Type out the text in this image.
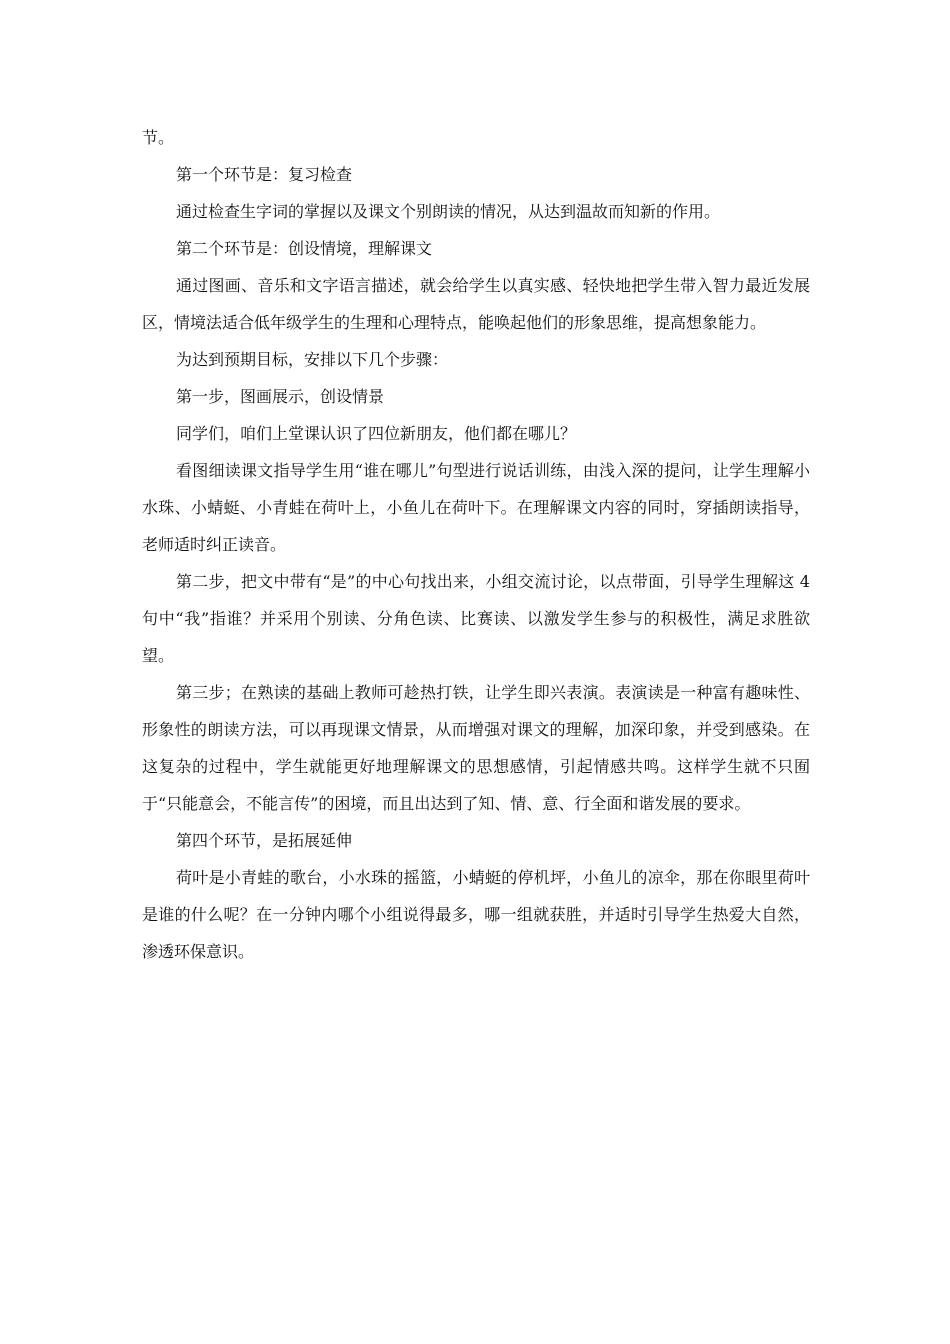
节。

第一个环节是：复习检查

通过检查生字词的掌握以及课文个别朗读的情况，从达到温故而知新的作用。

第二个环节是：创设情境，理解课文

通过图画、音乐和文字语言描述，就会给学生以真实感、轻快地把学生带入智力最近发展区，情境法适合低年级学生的生理和心理特点，能唤起他们的形象思维，提高想象能力。

为达到预期目标，安排以下几个步骤：

第一步，图画展示，创设情景

同学们，咱们上堂课认识了四位新朋友，他们都在哪儿？

看图细读课文指导学生用“谁在哪儿”句型进行说话训练，由浅入深的提问，让学生理解小水珠、小蜻蜓、小青蛙在荷叶上，小鱼儿在荷叶下。在理解课文内容的同时，穿插朗读指导，老师适时纠正读音。

第二步，把文中带有“是”的中心句找出来，小组交流讨论，以点带面，引导学生理解这 4 句中“我”指谁？并采用个别读、分角色读、比赛读、以激发学生参与的积极性，满足求胜欲望。

第三步；在熟读的基础上教师可趁热打铁，让学生即兴表演。表演读是一种富有趣味性、形象性的朗读方法，可以再现课文情景，从而增强对课文的理解，加深印象，并受到感染。在这复杂的过程中，学生就能更好地理解课文的思想感情，引起情感共鸣。这样学生就不只囿于“只能意会，不能言传”的困境，而且出达到了知、情、意、行全面和谐发展的要求。

第四个环节，是拓展延伸

荷叶是小青蛙的歌台，小水珠的摇篮，小蜻蜓的停机坪，小鱼儿的凉伞，那在你眼里荷叶是谁的什么呢？在一分钟内哪个小组说得最多，哪一组就获胜，并适时引导学生热爱大自然，渗透环保意识。
